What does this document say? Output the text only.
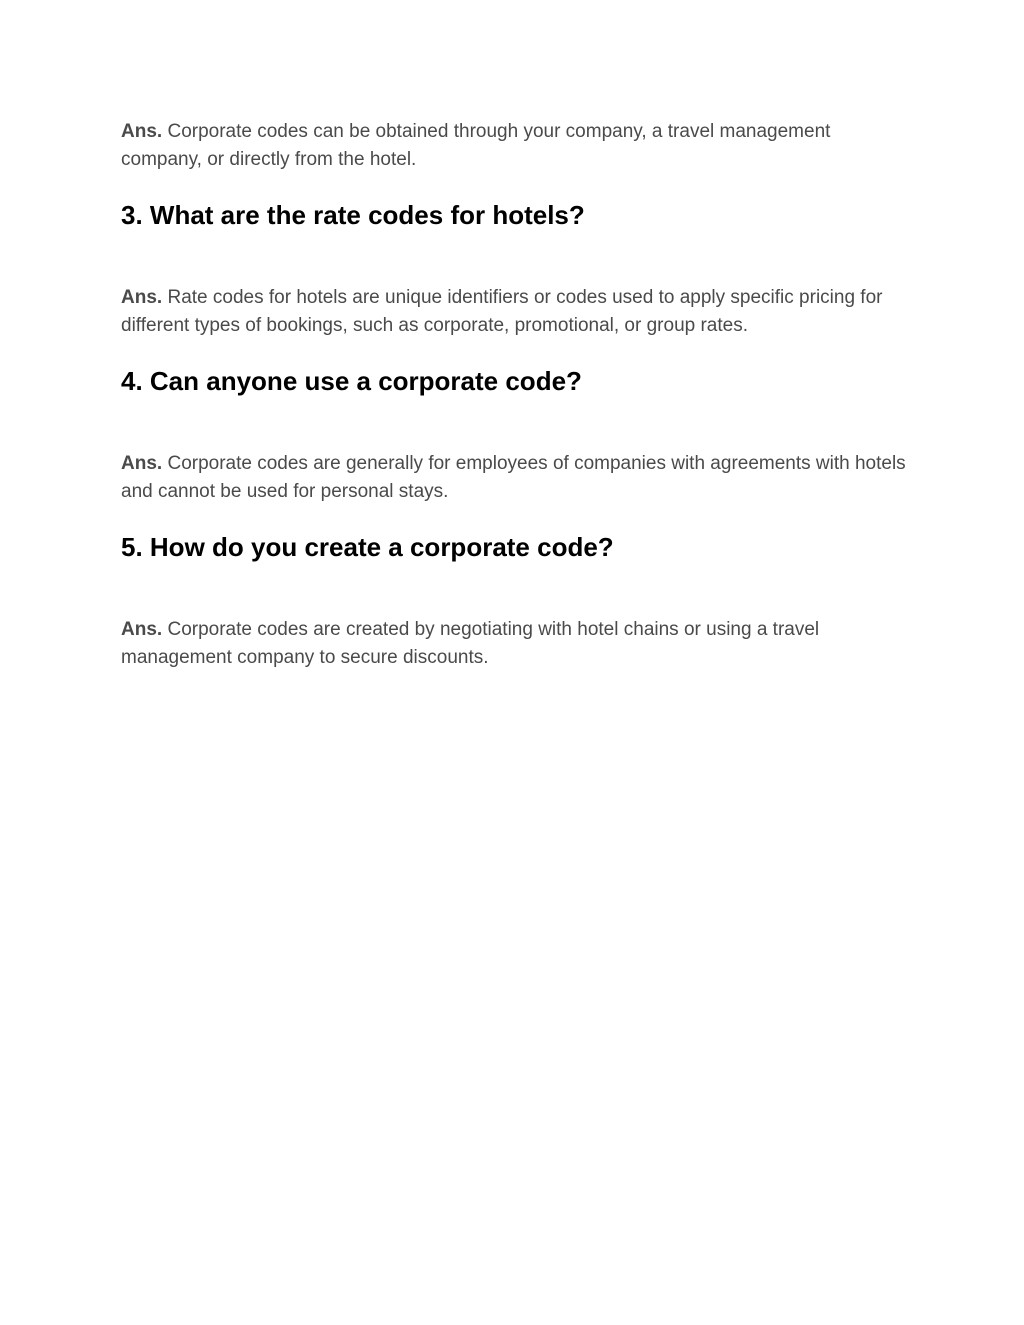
Ans. Corporate codes can be obtained through your company, a travel management company, or directly from the hotel.

3. What are the rate codes for hotels?

Ans. Rate codes for hotels are unique identifiers or codes used to apply specific pricing for different types of bookings, such as corporate, promotional, or group rates.

4. Can anyone use a corporate code?

Ans. Corporate codes are generally for employees of companies with agreements with hotels and cannot be used for personal stays.

5. How do you create a corporate code?

Ans. Corporate codes are created by negotiating with hotel chains or using a travel management company to secure discounts.
